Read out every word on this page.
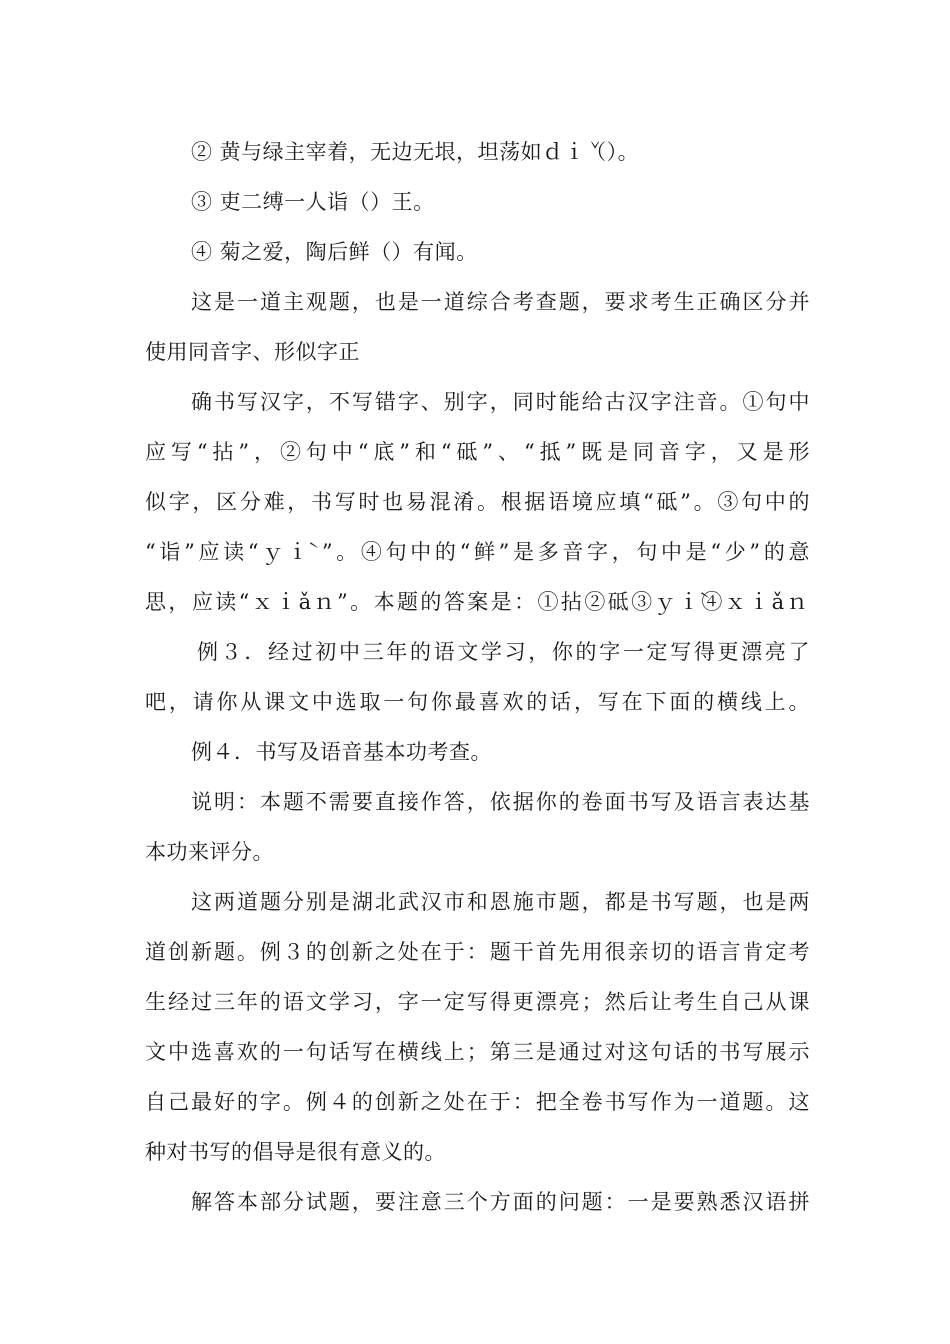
② 黄与绿主宰着，无边无垠，坦荡如ｄｉ̌（）。
③ 吏二缚一人诣（）王。
④ 菊之爱，陶后鲜（）有闻。
这是一道主观题，也是一道综合考查题，要求考生正确区分并
使用同音字、形似字正
确书写汉字，不写错字、别字，同时能给古汉字注音。①句中
应写“拈”，②句中“底”和“砥”、“抵”既是同音字，又是形
似字，区分难，书写时也易混淆。根据语境应填“砥”。③句中的
“诣”应读“ｙｉ̀ ”。④句中的“鲜”是多音字，句中是“少”的意
思，应读“ｘｉǎｎ”。本题的答案是：①拈②砥③ｙｉ̀④ｘｉǎｎ
例３．经过初中三年的语文学习，你的字一定写得更漂亮了
吧，请你从课文中选取一句你最喜欢的话，写在下面的横线上。
例４．书写及语音基本功考查。
说明：本题不需要直接作答，依据你的卷面书写及语言表达基
本功来评分。
这两道题分别是湖北武汉市和恩施市题，都是书写题，也是两
道创新题。例３的创新之处在于：题干首先用很亲切的语言肯定考
生经过三年的语文学习，字一定写得更漂亮；然后让考生自己从课
文中选喜欢的一句话写在横线上；第三是通过对这句话的书写展示
自己最好的字。例４的创新之处在于：把全卷书写作为一道题。这
种对书写的倡导是很有意义的。
解答本部分试题，要注意三个方面的问题：一是要熟悉汉语拼
